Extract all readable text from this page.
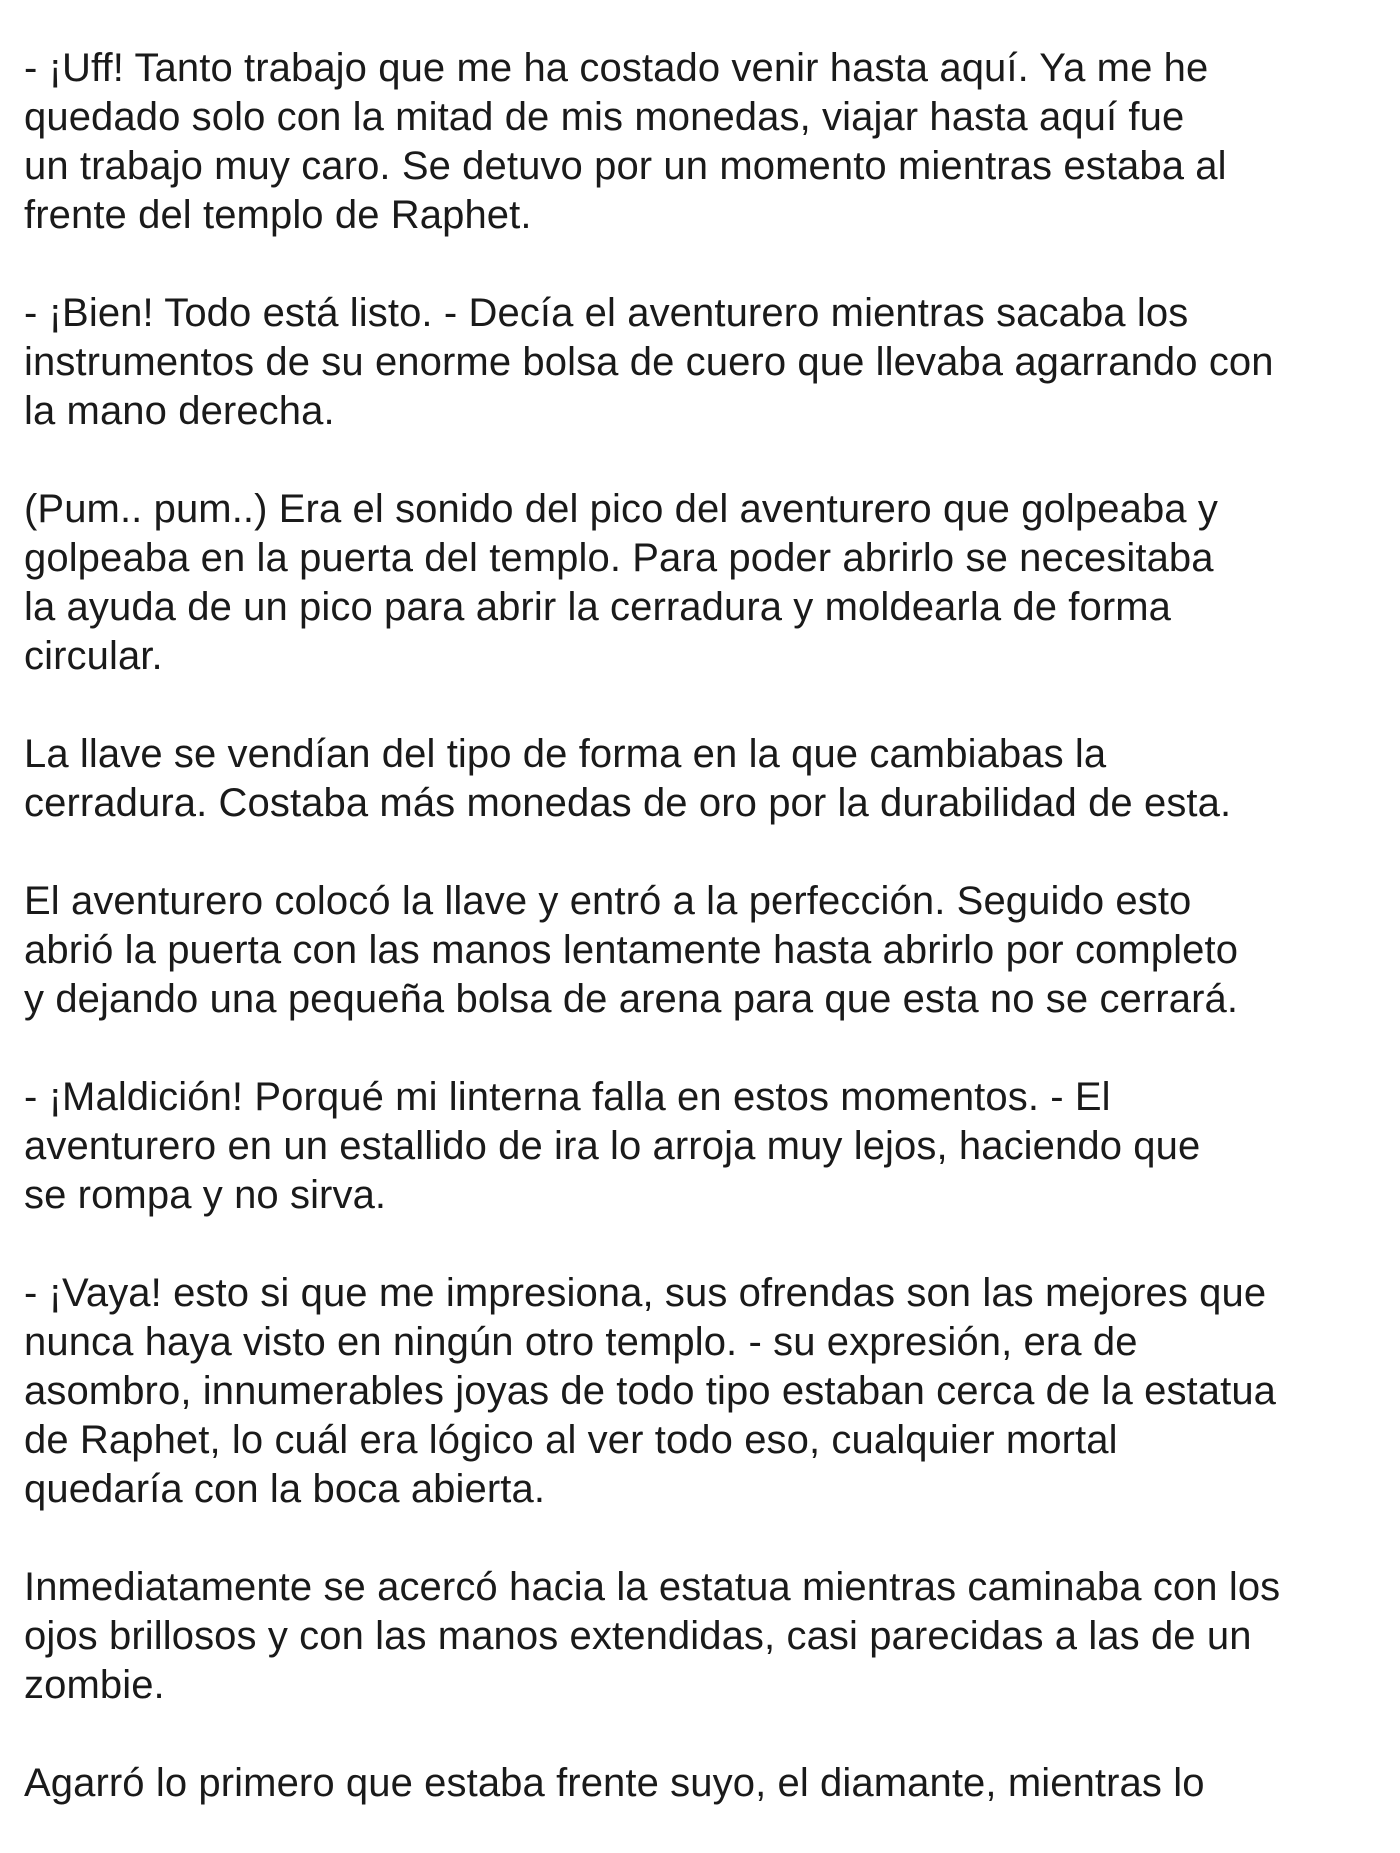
- ¡Uff! Tanto trabajo que me ha costado venir hasta aquí. Ya me he
quedado solo con la mitad de mis monedas, viajar hasta aquí fue
un trabajo muy caro. Se detuvo por un momento mientras estaba al
frente del templo de Raphet.

- ¡Bien! Todo está listo. - Decía el aventurero mientras sacaba los
instrumentos de su enorme bolsa de cuero que llevaba agarrando con
la mano derecha.

(Pum.. pum..) Era el sonido del pico del aventurero que golpeaba y
golpeaba en la puerta del templo. Para poder abrirlo se necesitaba
la ayuda de un pico para abrir la cerradura y moldearla de forma
circular.

La llave se vendían del tipo de forma en la que cambiabas la
cerradura. Costaba más monedas de oro por la durabilidad de esta.

El aventurero colocó la llave y entró a la perfección. Seguido esto
abrió la puerta con las manos lentamente hasta abrirlo por completo
y dejando una pequeña bolsa de arena para que esta no se cerrará.

- ¡Maldición! Porqué mi linterna falla en estos momentos. - El
aventurero en un estallido de ira lo arroja muy lejos, haciendo que
se rompa y no sirva.

- ¡Vaya! esto si que me impresiona, sus ofrendas son las mejores que
nunca haya visto en ningún otro templo. - su expresión, era de
asombro, innumerables joyas de todo tipo estaban cerca de la estatua
de Raphet, lo cuál era lógico al ver todo eso, cualquier mortal
quedaría con la boca abierta.

Inmediatamente se acercó hacia la estatua mientras caminaba con los
ojos brillosos y con las manos extendidas, casi parecidas a las de un
zombie.

Agarró lo primero que estaba frente suyo, el diamante, mientras lo
